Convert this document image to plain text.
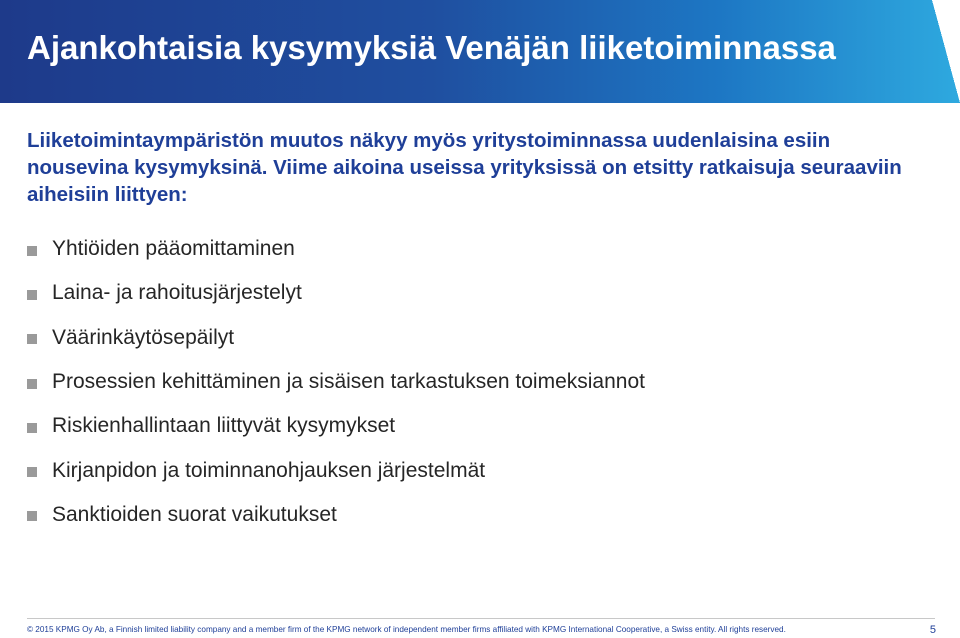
Ajankohtaisia kysymyksiä Venäjän liiketoiminnassa

Liiketoimintaympäristön muutos näkyy myös yritystoiminnassa uudenlaisina esiin nousevina kysymyksinä. Viime aikoina useissa yrityksissä on etsitty ratkaisuja seuraaviin aiheisiin liittyen:

Yhtiöiden pääomittaminen
Laina- ja rahoitusjärjestelyt
Väärinkäytösepäilyt
Prosessien kehittäminen ja sisäisen tarkastuksen toimeksiannot
Riskienhallintaan liittyvät kysymykset
Kirjanpidon ja toiminnanohjauksen järjestelmät
Sanktioiden suorat vaikutukset
© 2015 KPMG Oy Ab, a Finnish limited liability company and a member firm of the KPMG network of independent member firms affiliated with KPMG International Cooperative, a Swiss entity. All rights reserved.	5
